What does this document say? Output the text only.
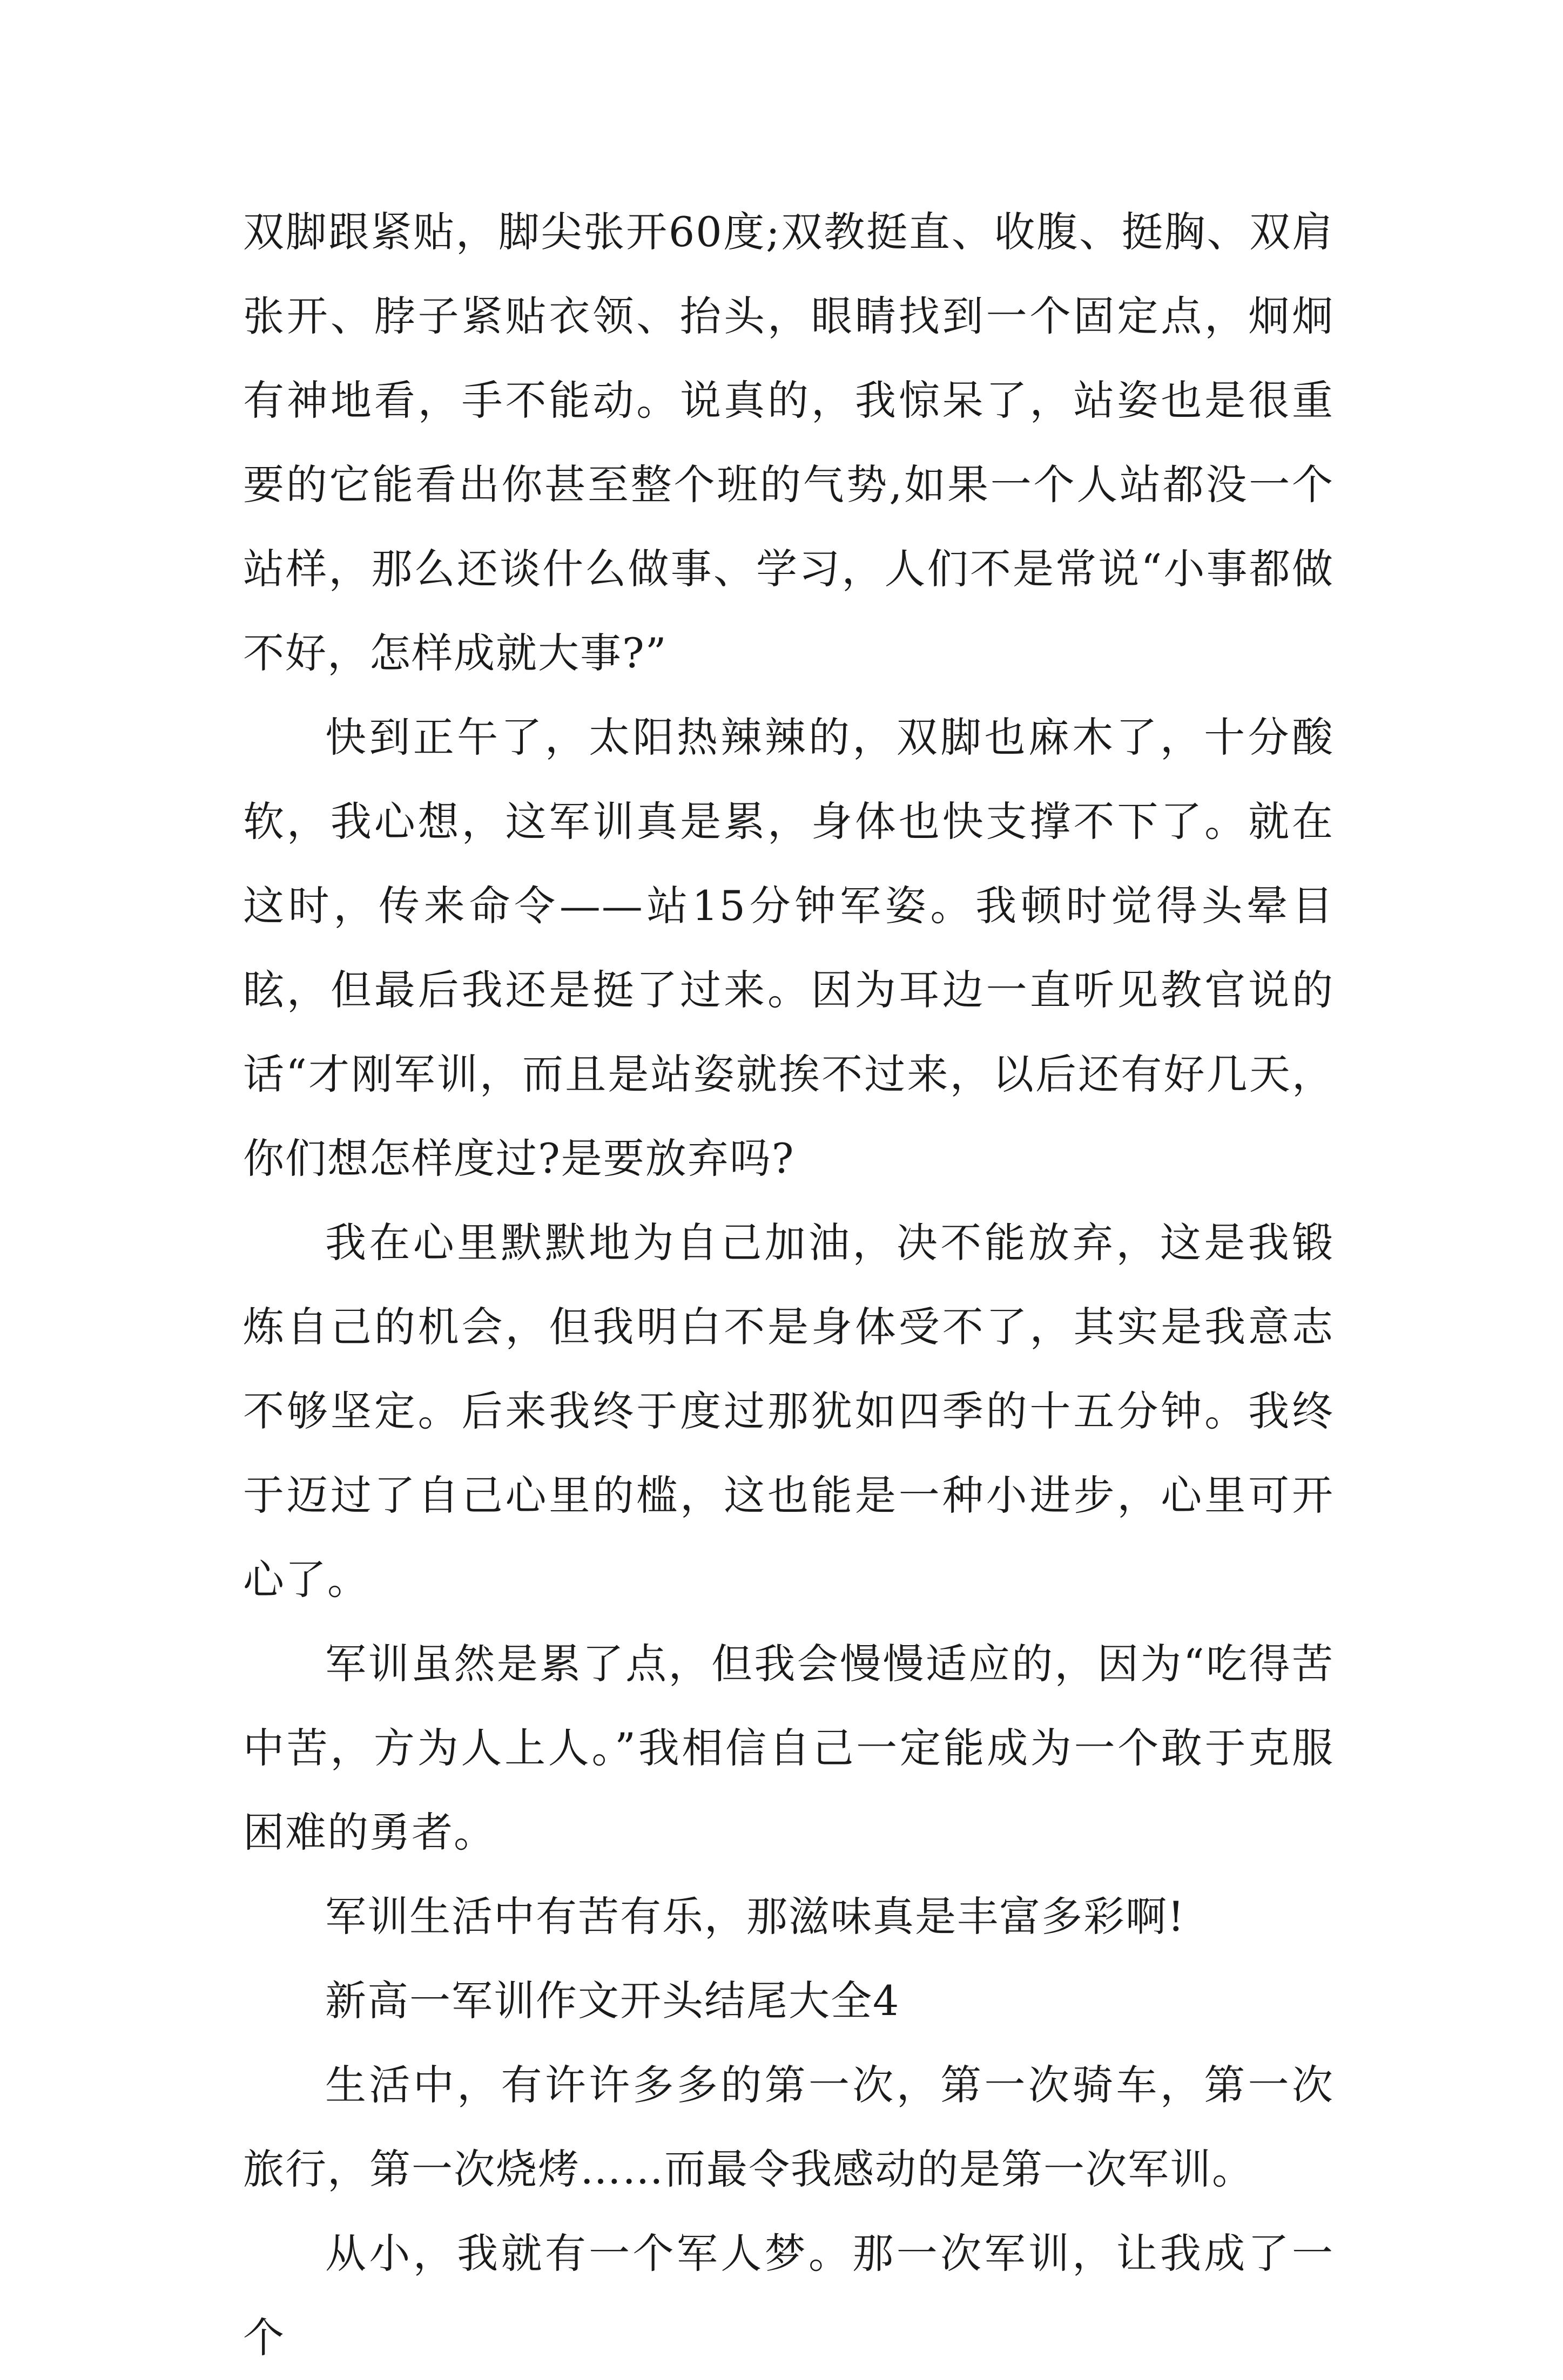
双脚跟紧贴，脚尖张开60度;双教挺直、收腹、挺胸、双肩张开、脖子紧贴衣领、抬头，眼睛找到一个固定点，炯炯有神地看，手不能动。说真的，我惊呆了，站姿也是很重要的它能看出你甚至整个班的气势,如果一个人站都没一个站样，那么还谈什么做事、学习，人们不是常说“小事都做不好，怎样成就大事?”

快到正午了，太阳热辣辣的，双脚也麻木了，十分酸软，我心想，这军训真是累，身体也快支撑不下了。就在这时，传来命令——站15分钟军姿。我顿时觉得头晕目眩，但最后我还是挺了过来。因为耳边一直听见教官说的话“才刚军训，而且是站姿就挨不过来，以后还有好几天，你们想怎样度过?是要放弃吗?

我在心里默默地为自己加油，决不能放弃，这是我锻炼自己的机会，但我明白不是身体受不了，其实是我意志不够坚定。后来我终于度过那犹如四季的十五分钟。我终于迈过了自己心里的槛，这也能是一种小进步，心里可开心了。

军训虽然是累了点，但我会慢慢适应的，因为“吃得苦中苦，方为人上人。”我相信自己一定能成为一个敢于克服困难的勇者。

军训生活中有苦有乐，那滋味真是丰富多彩啊!

新高一军训作文开头结尾大全4

生活中，有许许多多的第一次，第一次骑车，第一次旅行，第一次烧烤……而最令我感动的是第一次军训。

从小，我就有一个军人梦。那一次军训，让我成了一个
